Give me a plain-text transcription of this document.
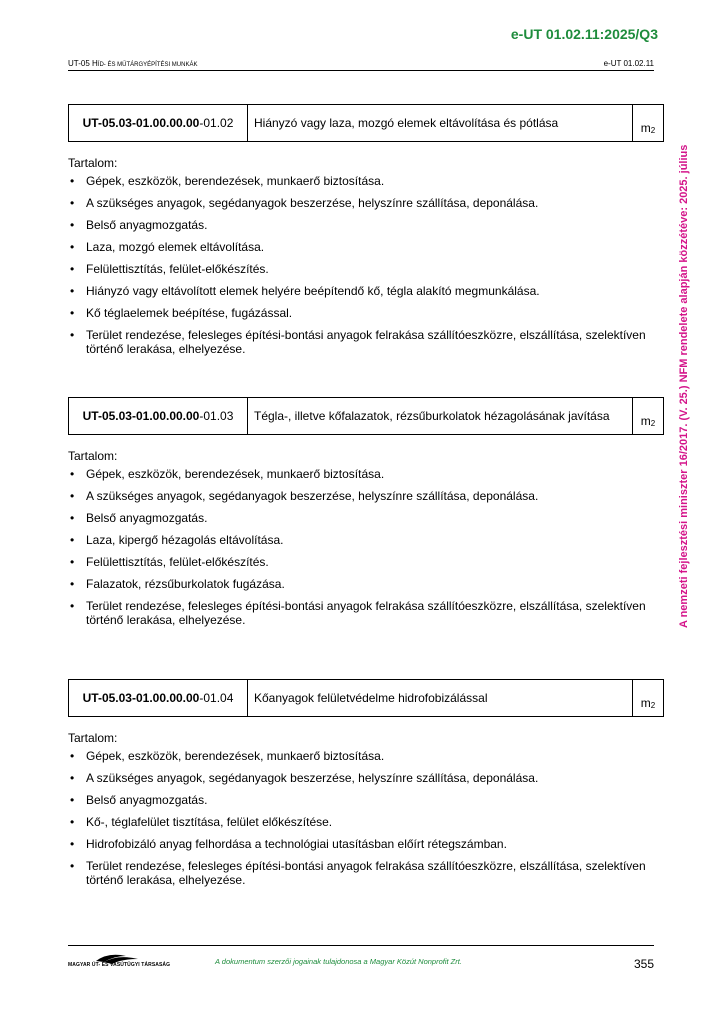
e-UT 01.02.11:2025/Q3
UT-05 HÍD- ÉS MŰTÁRGYÉPÍTÉSI MUNKÁK	e-UT 01.02.11
A nemzeti fejlesztési miniszter 16/2017. (V. 25.) NFM rendelete alapján közzétéve: 2025. július
UT-05.03-01.00.00.00 -01.02	Hiányzó vagy laza, mozgó elemek eltávolítása és pótlása	$m_2$
Tartalom:
• Gépek, eszközök, berendezések, munkaerő biztosítása.
• A szükséges anyagok, segédanyagok beszerzése, helyszínre szállítása, deponálása.
• Belső anyagmozgatás.
• Laza, mozgó elemek eltávolítása.
• Felülettisztítás, felület-előkészítés.
• Hiányzó vagy eltávolított elemek helyére beépítendő kő, tégla alakító megmunkálása.
• Kő téglaelemek beépítése, fugázással.
• Terület rendezése, felesleges építési-bontási anyagok felrakása szállítóeszközre, elszállítása, szelektíven történő lerakása, elhelyezése.
UT-05.03-01.00.00.00 -01.03	Tégla-, illetve kőfalazatok, rézsűburkolatok hézagolásának javítása	$m_2$
Tartalom:
• Gépek, eszközök, berendezések, munkaerő biztosítása.
• A szükséges anyagok, segédanyagok beszerzése, helyszínre szállítása, deponálása.
• Belső anyagmozgatás.
• Laza, kipergő hézagolás eltávolítása.
• Felülettisztítás, felület-előkészítés.
• Falazatok, rézsűburkolatok fugázása.
• Terület rendezése, felesleges építési-bontási anyagok felrakása szállítóeszközre, elszállítása, szelektíven történő lerakása, elhelyezése.
UT-05.03-01.00.00.00 -01.04	Kőanyagok felületvédelme hidrofobizálással	$m_2$
Tartalom:
• Gépek, eszközök, berendezések, munkaerő biztosítása.
• A szükséges anyagok, segédanyagok beszerzése, helyszínre szállítása, deponálása.
• Belső anyagmozgatás.
• Kő-, téglafelület tisztítása, felület előkészítése.
• Hidrofobizáló anyag felhordása a technológiai utasításban előírt rétegszámban.
• Terület rendezése, felesleges építési-bontási anyagok felrakása szállítóeszközre, elszállítása, szelektíven történő lerakása, elhelyezése.
MAGYAR ÚT- ÉS VASÚTÜGYI TÁRSASÁG	A dokumentum szerzői jogainak tulajdonosa a Magyar Közút Nonprofit Zrt.	355
